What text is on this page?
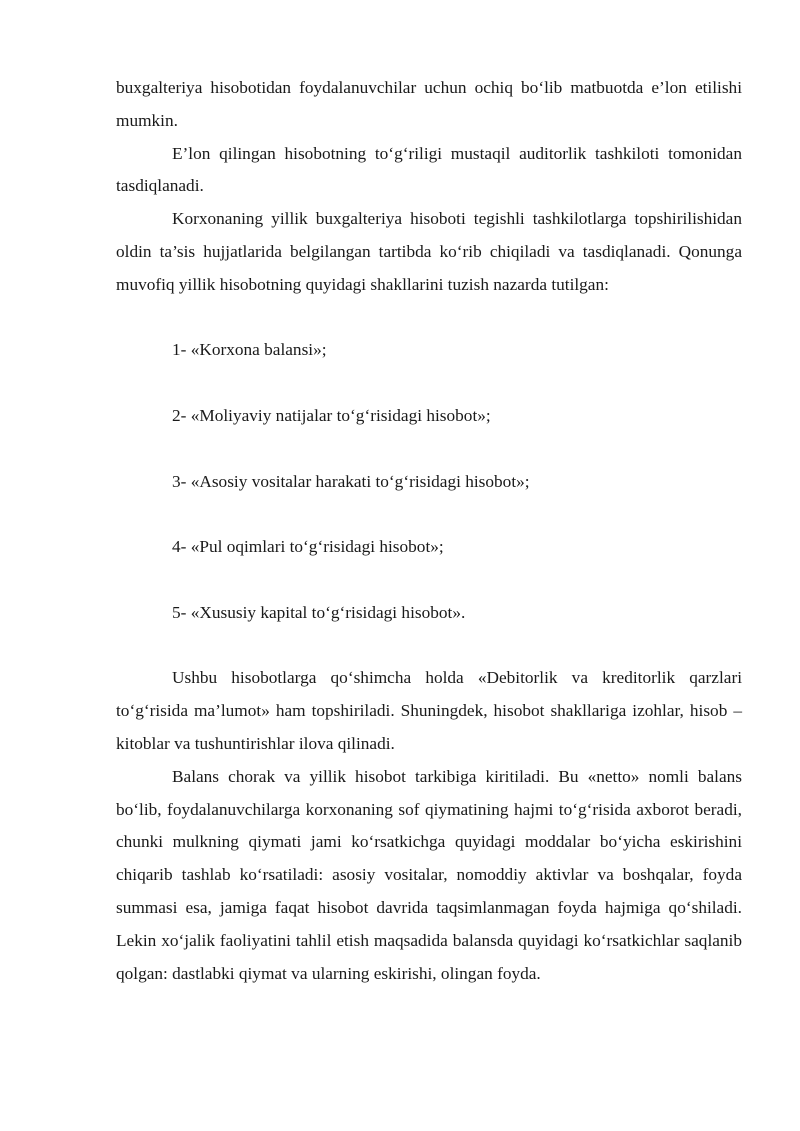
buxgalteriya hisobotidan foydalanuvchilar uchun ochiq bo‘lib matbuotda e’lon etilishi mumkin.

E’lon qilingan hisobotning to‘g‘riligi mustaqil auditorlik tashkiloti tomonidan tasdiqlanadi.

Korxonaning yillik buxgalteriya hisoboti tegishli tashkilotlarga topshirilishidan oldin ta’sis hujjatlarida belgilangan tartibda ko‘rib chiqiladi va tasdiqlanadi. Qonunga muvofiq yillik hisobotning quyidagi shakllarini tuzish nazarda tutilgan:

1- «Korxona balansi»;
2- «Moliyaviy natijalar to‘g‘risidagi hisobot»;
3- «Asosiy vositalar harakati to‘g‘risidagi hisobot»;
4- «Pul oqimlari to‘g‘risidagi hisobot»;
5- «Xususiy kapital to‘g‘risidagi hisobot».

Ushbu hisobotlarga qo‘shimcha holda «Debitorlik va kreditorlik qarzlari to‘g‘risida ma’lumot» ham topshiriladi. Shuningdek, hisobot shakllariga izohlar, hisob – kitoblar va tushuntirishlar ilova qilinadi.

Balans chorak va yillik hisobot tarkibiga kiritiladi. Bu «netto» nomli balans bo‘lib, foydalanuvchilarga korxonaning sof qiymatining hajmi to‘g‘risida axborot beradi, chunki mulkning qiymati jami ko‘rsatkichga quyidagi moddalar bo‘yicha eskirishini chiqarib tashlab ko‘rsatiladi: asosiy vositalar, nomoddiy aktivlar va boshqalar, foyda summasi esa, jamiga faqat hisobot davrida taqsimlanmagan foyda hajmiga qo‘shiladi. Lekin xo‘jalik faoliyatini tahlil etish maqsadida balansda quyidagi ko‘rsatkichlar saqlanib qolgan: dastlabki qiymat va ularning eskirishi, olingan foyda.
